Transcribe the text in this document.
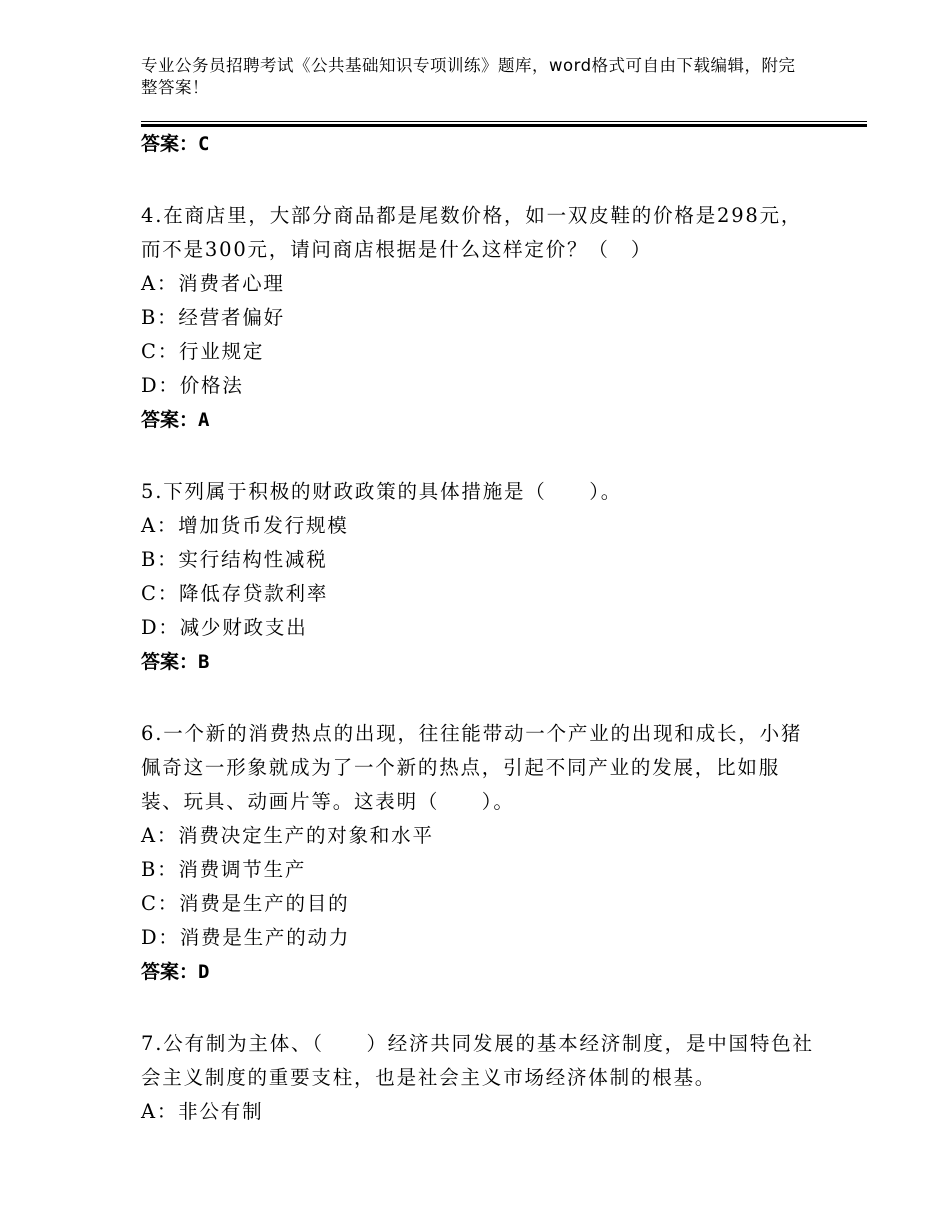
专业公务员招聘考试《公共基础知识专项训练》题库，word格式可自由下载编辑，附完整答案！
答案：C

4.在商店里，大部分商品都是尾数价格，如一双皮鞋的价格是298元，而不是300元，请问商店根据是什么这样定价？（　）

A：消费者心理
B：经营者偏好
C：行业规定
D：价格法
答案：A

5.下列属于积极的财政政策的具体措施是（　　）。

A：增加货币发行规模
B：实行结构性减税
C：降低存贷款利率
D：减少财政支出
答案：B

6.一个新的消费热点的出现，往往能带动一个产业的出现和成长，小猪佩奇这一形象就成为了一个新的热点，引起不同产业的发展，比如服装、玩具、动画片等。这表明（　　）。

A：消费决定生产的对象和水平
B：消费调节生产
C：消费是生产的目的
D：消费是生产的动力
答案：D

7.公有制为主体、（　　）经济共同发展的基本经济制度，是中国特色社会主义制度的重要支柱，也是社会主义市场经济体制的根基。

A：非公有制
